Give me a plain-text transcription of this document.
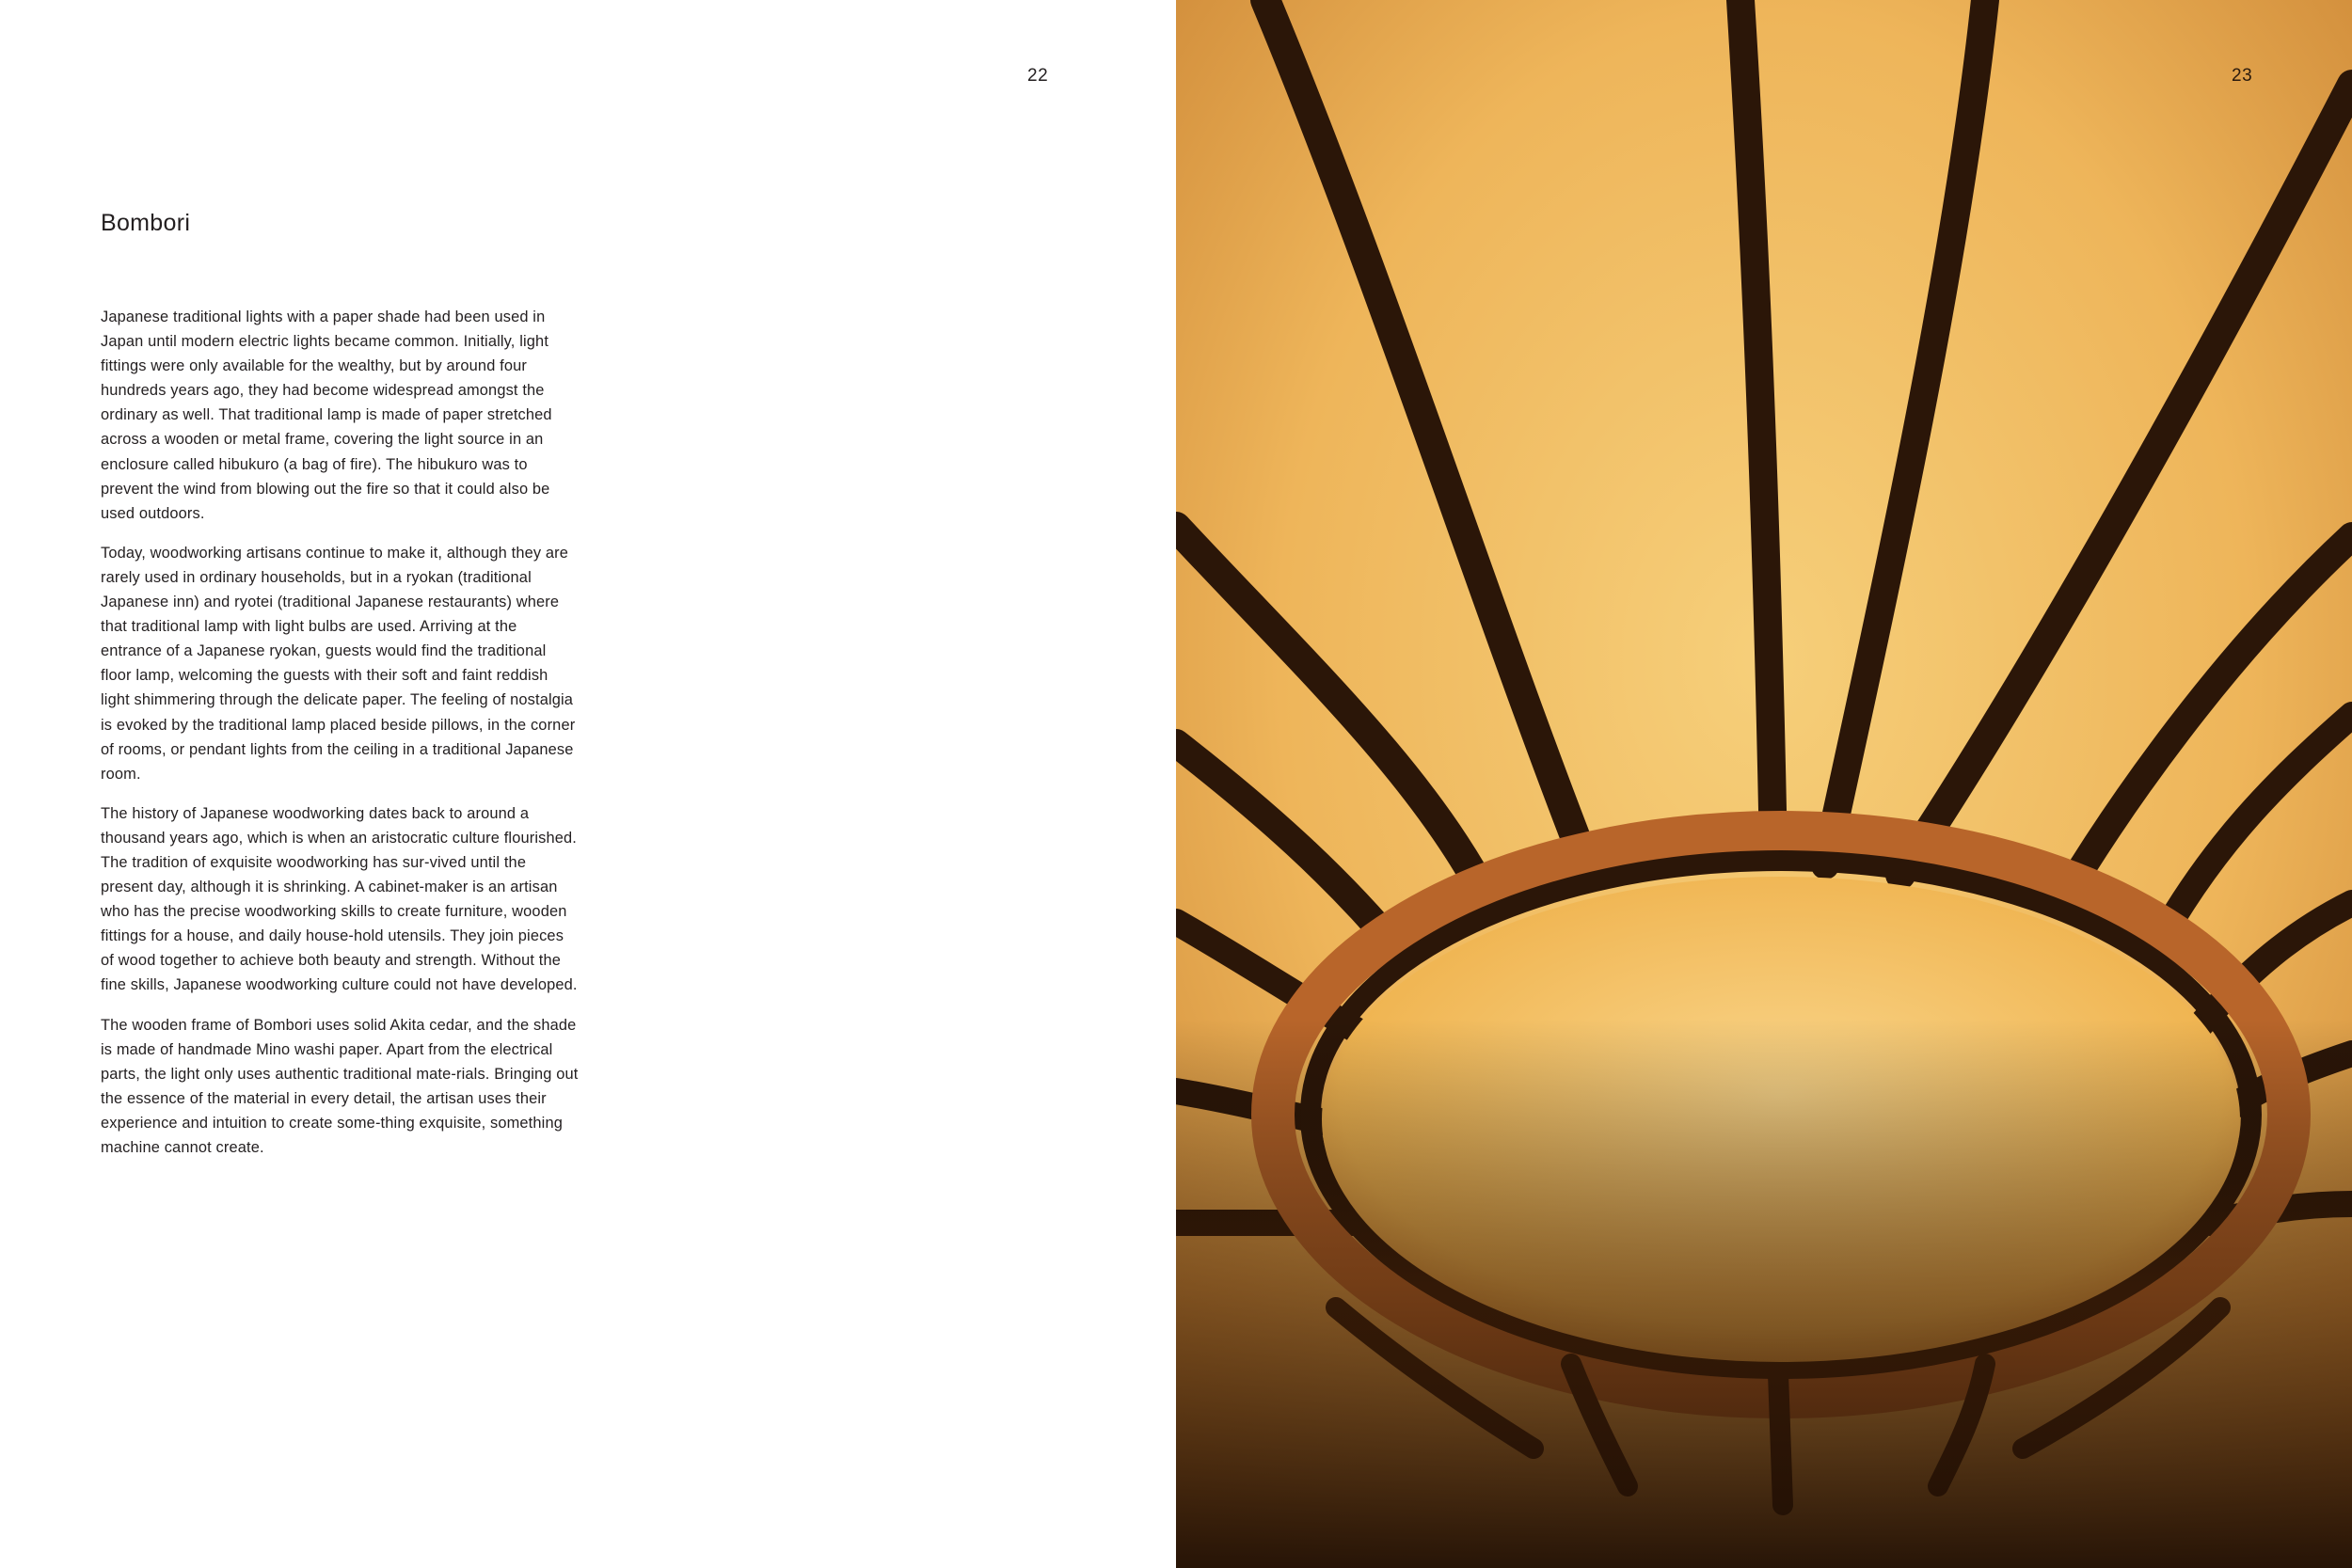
Bombori

Japanese traditional lights with a paper shade had been used in Japan until modern electric lights became common. Initially, light fittings were only available for the wealthy, but by around four hundreds years ago, they had become widespread amongst the ordinary as well. That traditional lamp is made of paper stretched across a wooden or metal frame, covering the light source in an enclosure called hibukuro (a bag of fire). The hibukuro was to prevent the wind from blowing out the fire so that it could also be used outdoors.

Today, woodworking artisans continue to make it, although they are rarely used in ordinary households, but in a ryokan (traditional Japanese inn) and ryotei (traditional Japanese restaurants) where that traditional lamp with light bulbs are used. Arriving at the entrance of a Japanese ryokan, guests would find the traditional floor lamp, welcoming the guests with their soft and faint reddish light shimmering through the delicate paper. The feeling of nostalgia is evoked by the traditional lamp placed beside pillows, in the corner of rooms, or pendant lights from the ceiling in a traditional Japanese room.

The history of Japanese woodworking dates back to around a thousand years ago, which is when an aristocratic culture flourished. The tradition of exquisite woodworking has sur-vived until the present day, although it is shrinking. A cabinet-maker is an artisan who has the precise woodworking skills to create furniture, wooden fittings for a house, and daily house-hold utensils. They join pieces of wood together to achieve both beauty and strength. Without the fine skills, Japanese woodworking culture could not have developed.

The wooden frame of Bombori uses solid Akita cedar, and the shade is made of handmade Mino washi paper. Apart from the electrical parts, the light only uses authentic traditional mate-rials. Bringing out the essence of the material in every detail, the artisan uses their experience and intuition to create some-thing exquisite, something machine cannot create.

22	23
